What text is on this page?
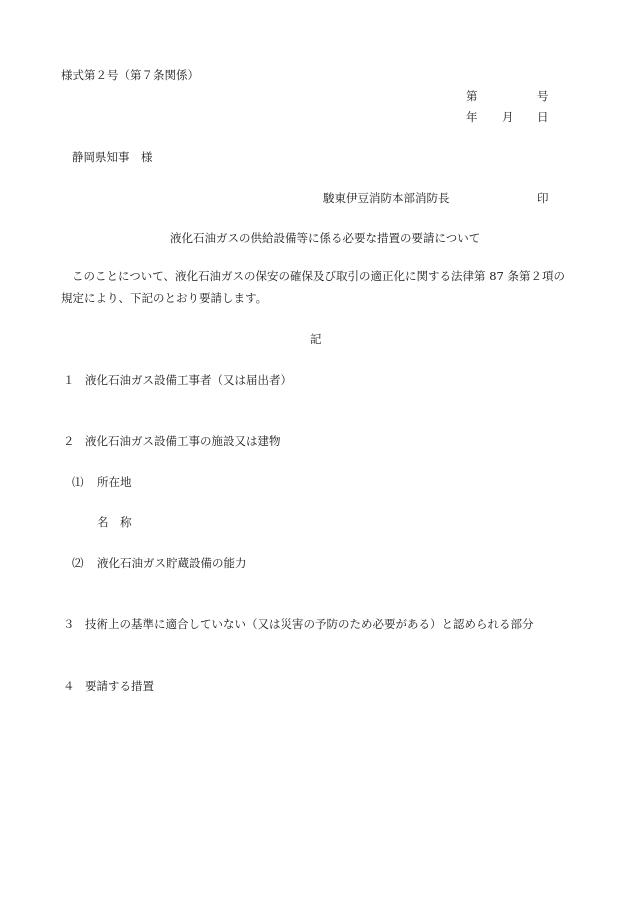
様式第２号（第７条関係）
第	号
年 月 日
静岡県知事　様
駿東伊豆消防本部消防長	印
液化石油ガスの供給設備等に係る必要な措置の要請について
このことについて、液化石油ガスの保安の確保及び取引の適正化に関する法律第 87 条第２項の
規定により、下記のとおり要請します。
記
１ 液化石油ガス設備工事者（又は届出者）
２ 液化石油ガス設備工事の施設又は建物
⑴ 所在地
名　称
⑵ 液化石油ガス貯蔵設備の能力
３ 技術上の基準に適合していない（又は災害の予防のため必要がある）と認められる部分
４ 要請する措置
